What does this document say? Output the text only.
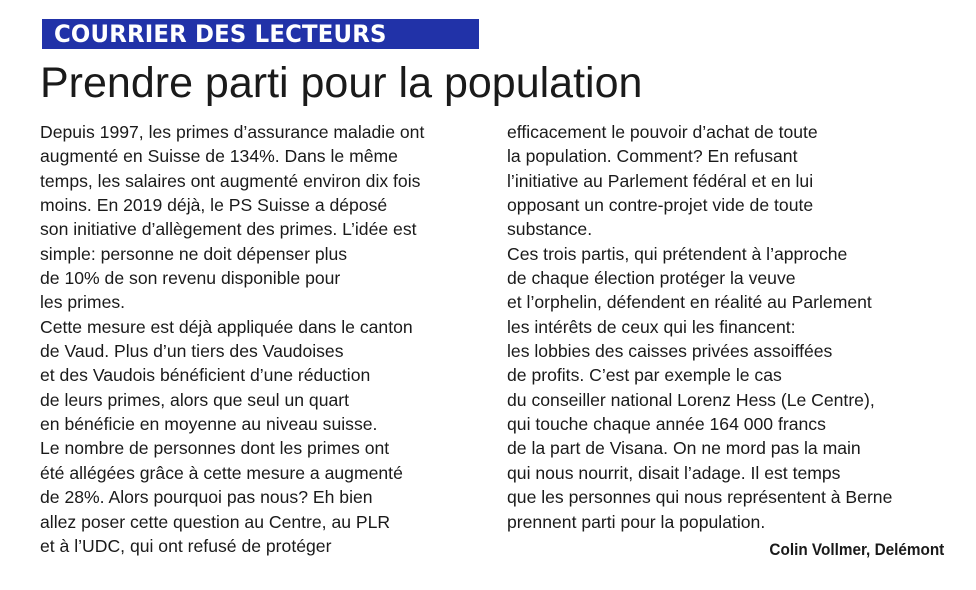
COURRIER DES LECTEURS
Prendre parti pour la population
Depuis 1997, les primes d’assurance maladie ont
augmenté en Suisse de 134%. Dans le même
temps, les salaires ont augmenté environ dix fois
moins. En 2019 déjà, le PS Suisse a déposé
son initiative d’allègement des primes. L’idée est
simple: personne ne doit dépenser plus
de 10% de son revenu disponible pour
les primes.
Cette mesure est déjà appliquée dans le canton
de Vaud. Plus d’un tiers des Vaudoises
et des Vaudois bénéficient d’une réduction
de leurs primes, alors que seul un quart
en bénéficie en moyenne au niveau suisse.
Le nombre de personnes dont les primes ont
été allégées grâce à cette mesure a augmenté
de 28%. Alors pourquoi pas nous? Eh bien
allez poser cette question au Centre, au PLR
et à l’UDC, qui ont refusé de protéger
efficacement le pouvoir d’achat de toute
la population. Comment? En refusant
l’initiative au Parlement fédéral et en lui
opposant un contre-projet vide de toute
substance.
Ces trois partis, qui prétendent à l’approche
de chaque élection protéger la veuve
et l’orphelin, défendent en réalité au Parlement
les intérêts de ceux qui les financent:
les lobbies des caisses privées assoiffées
de profits. C’est par exemple le cas
du conseiller national Lorenz Hess (Le Centre),
qui touche chaque année 164 000 francs
de la part de Visana. On ne mord pas la main
qui nous nourrit, disait l’adage. Il est temps
que les personnes qui nous représentent à Berne
prennent parti pour la population.
Colin Vollmer, Delémont
